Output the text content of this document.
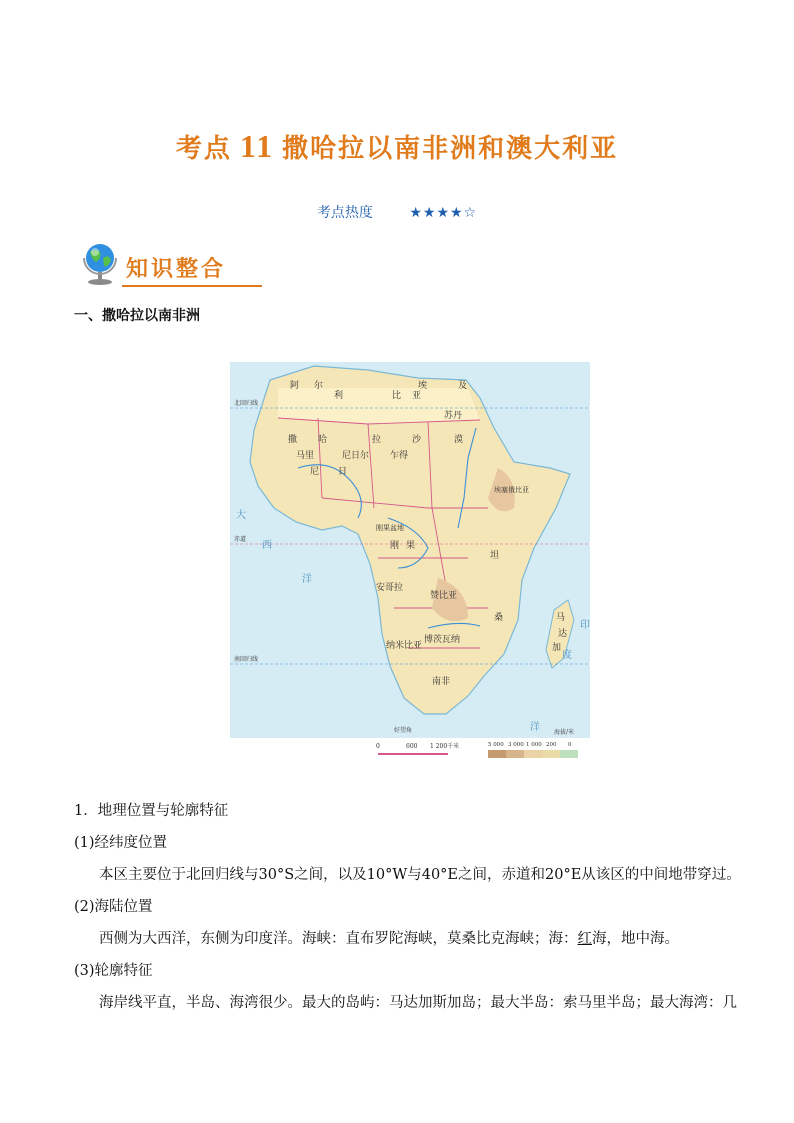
考点 11 撒哈拉以南非洲和澳大利亚
考点热度	★★★★☆
知识整合
一、撒哈拉以南非洲
北回归线
赤道
南回归线
好望角
撒 哈	拉	沙	漠
埃	及
阿 尔
比 亚
利
尼 日
刚 果
坦
桑	马
达
加
苏丹
尼日尔 乍得
马里
埃塞俄比亚
刚果盆地
安哥拉
赞比亚
纳米比亚
博茨瓦纳
南非
大
西
洋
印
度
洋
0	600 1 200千米
海拔/米
5 000 3 000 1 000 200 0
1．地理位置与轮廓特征
(1)经纬度位置
本区主要位于北回归线与30°S之间，以及10°W与40°E之间，赤道和20°E从该区的中间地带穿过。
(2)海陆位置
西侧为大西洋，东侧为印度洋。海峡：直布罗陀海峡，莫桑比克海峡；海：红海，地中海。
(3)轮廓特征
海岸线平直，半岛、海湾很少。最大的岛屿：马达加斯加岛；最大半岛：索马里半岛；最大海湾：几
